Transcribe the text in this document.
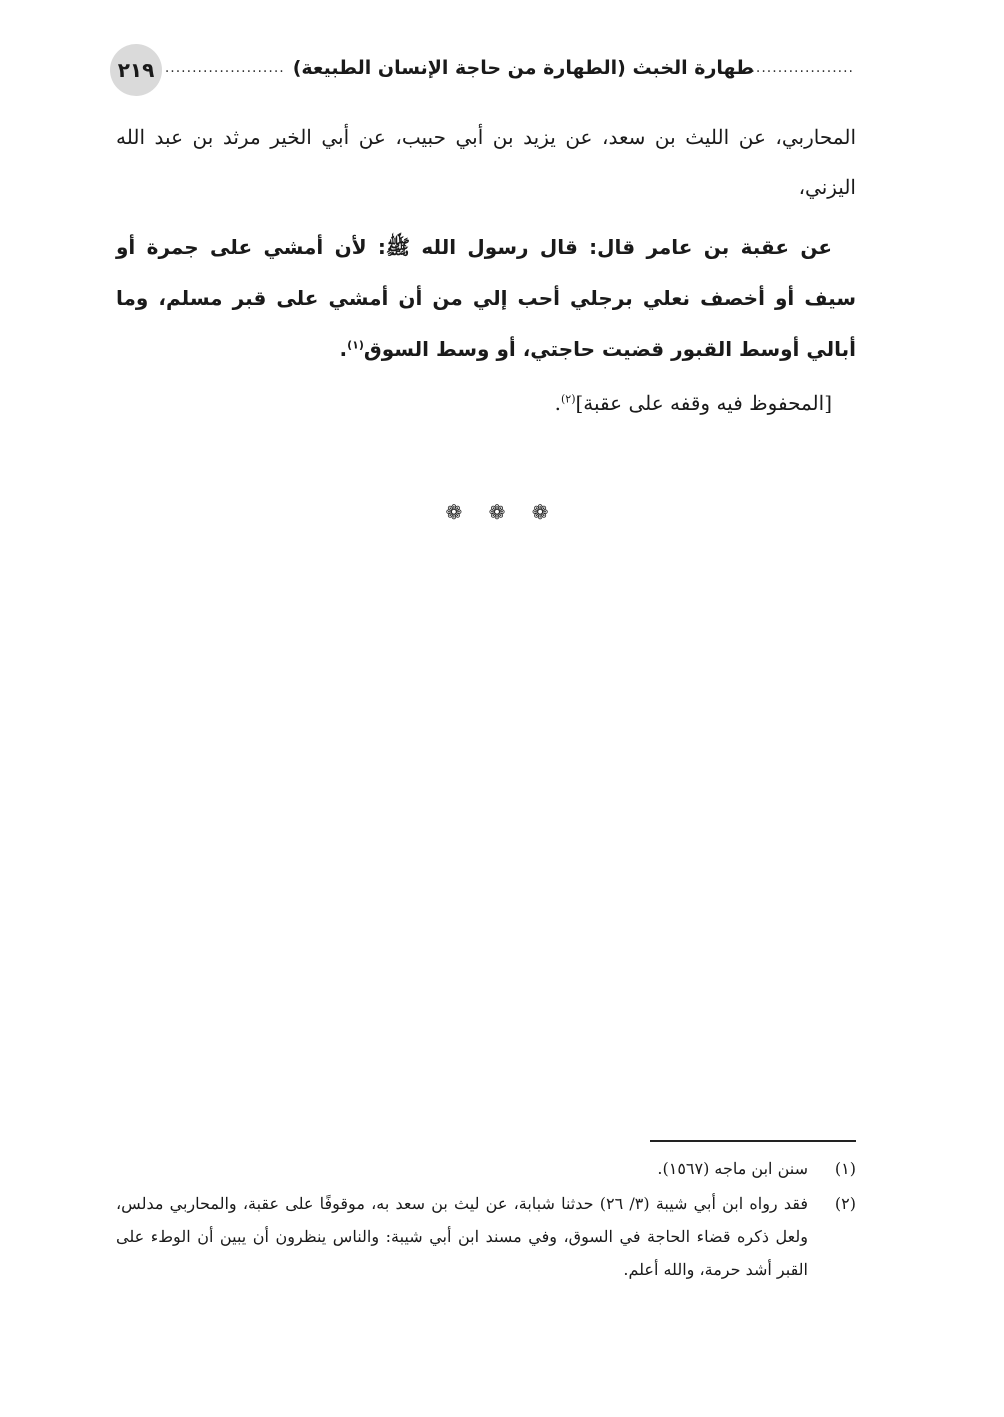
...................
طهارة الخبث (الطهارة من حاجة الإنسان الطبيعة)
......................
٢١٩

المحاربي، عن الليث بن سعد، عن يزيد بن أبي حبيب، عن أبي الخير مرثد بن عبد الله اليزني،

عن عقبة بن عامر قال: قال رسول الله ﷺ: لأن أمشي على جمرة أو سيف أو أخصف نعلي برجلي أحب إلي من أن أمشي على قبر مسلم، وما أبالي أوسط القبور قضيت حاجتي، أو وسط السوق$^{(١)}$.

[المحفوظ فيه وقفه على عقبة]$^{(٢)}$.

❁ ❁ ❁
(١)
سنن ابن ماجه (١٥٦٧).
(٢)
فقد رواه ابن أبي شيبة (٣/ ٢٦) حدثنا شبابة، عن ليث بن سعد به، موقوفًا على عقبة، والمحاربي مدلس، ولعل ذكره قضاء الحاجة في السوق، وفي مسند ابن أبي شيبة: والناس ينظرون أن يبين أن الوطء على القبر أشد حرمة، والله أعلم.
